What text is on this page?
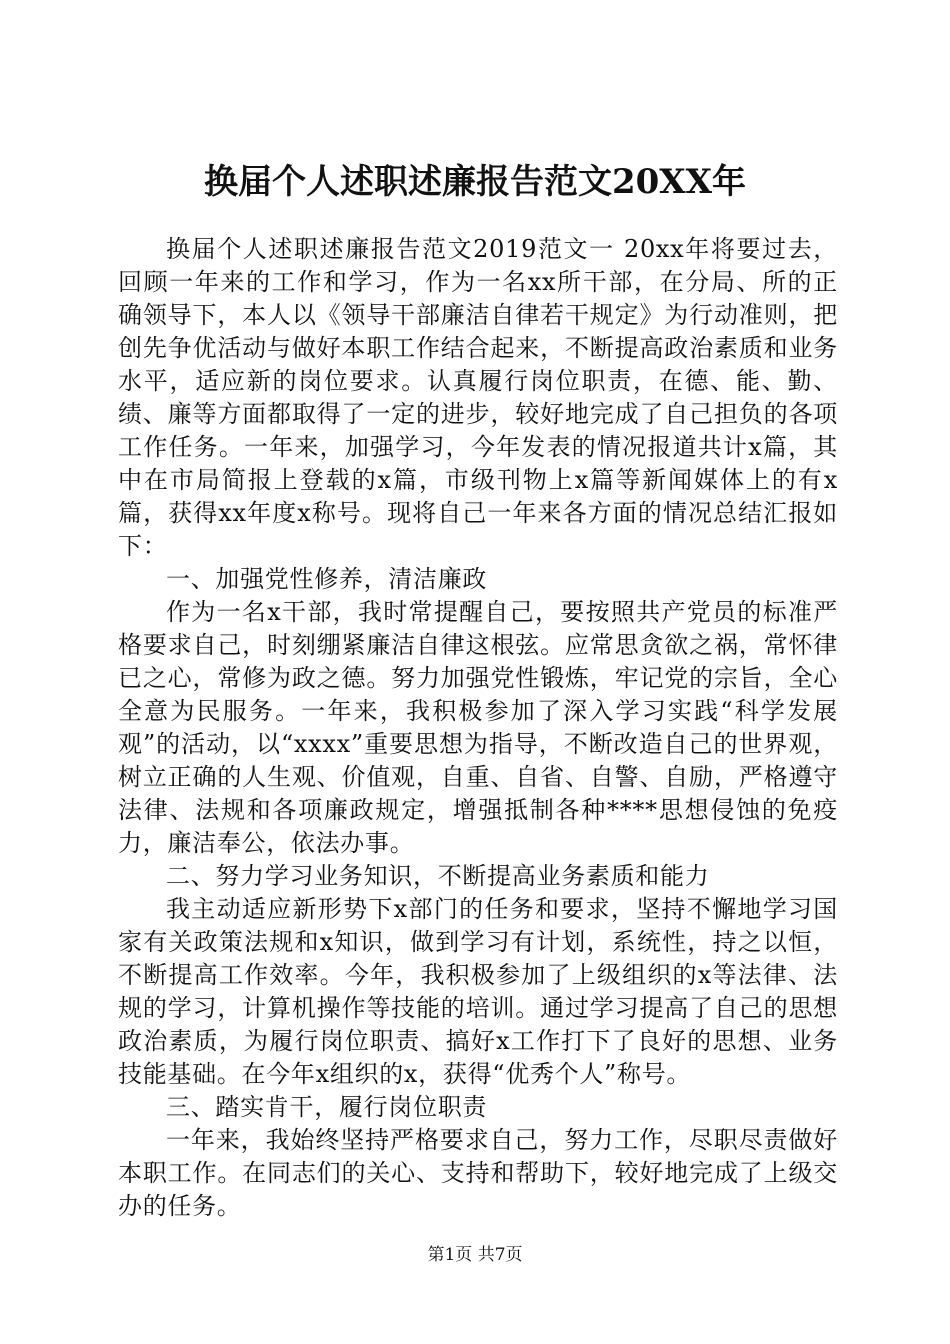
换届个人述职述廉报告范文20XX年

换届个人述职述廉报告范文2019范文一 20xx年将要过去，回顾一年来的工作和学习，作为一名xx所干部，在分局、所的正确领导下，本人以《领导干部廉洁自律若干规定》为行动准则，把创先争优活动与做好本职工作结合起来，不断提高政治素质和业务水平，适应新的岗位要求。认真履行岗位职责，在德、能、勤、绩、廉等方面都取得了一定的进步，较好地完成了自己担负的各项工作任务。一年来，加强学习，今年发表的情况报道共计x篇，其中在市局简报上登载的x篇，市级刊物上x篇等新闻媒体上的有x篇，获得xx年度x称号。现将自己一年来各方面的情况总结汇报如下：

一、加强党性修养，清洁廉政

作为一名x干部，我时常提醒自己，要按照共产党员的标准严格要求自己，时刻绷紧廉洁自律这根弦。应常思贪欲之祸，常怀律已之心，常修为政之德。努力加强党性锻炼，牢记党的宗旨，全心全意为民服务。一年来，我积极参加了深入学习实践“科学发展观”的活动，以“xxxx”重要思想为指导，不断改造自己的世界观，树立正确的人生观、价值观，自重、自省、自警、自励，严格遵守法律、法规和各项廉政规定，增强抵制各种****思想侵蚀的免疫力，廉洁奉公，依法办事。

二、努力学习业务知识，不断提高业务素质和能力

我主动适应新形势下x部门的任务和要求，坚持不懈地学习国家有关政策法规和x知识，做到学习有计划，系统性，持之以恒，不断提高工作效率。今年，我积极参加了上级组织的x等法律、法规的学习，计算机操作等技能的培训。通过学习提高了自己的思想政治素质，为履行岗位职责、搞好x工作打下了良好的思想、业务技能基础。在今年x组织的x，获得“优秀个人”称号。

三、踏实肯干，履行岗位职责

一年来，我始终坚持严格要求自己，努力工作，尽职尽责做好本职工作。在同志们的关心、支持和帮助下，较好地完成了上级交办的任务。

第1页 共7页
